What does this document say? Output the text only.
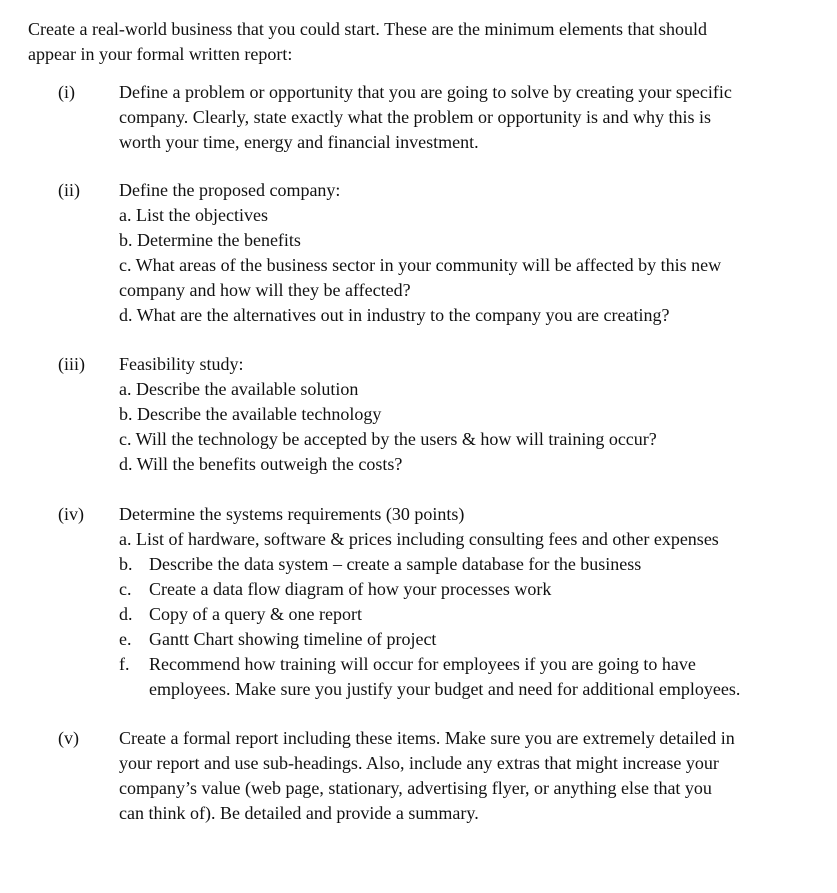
Create a real-world business that you could start. These are the minimum elements that should
appear in your formal written report:
(i) Define a problem or opportunity that you are going to solve by creating your specific
company. Clearly, state exactly what the problem or opportunity is and why this is
worth your time, energy and financial investment.
(ii) Define the proposed company:
a. List the objectives
b. Determine the benefits
c. What areas of the business sector in your community will be affected by this new
company and how will they be affected?
d. What are the alternatives out in industry to the company you are creating?
(iii) Feasibility study:
a. Describe the available solution
b. Describe the available technology
c. Will the technology be accepted by the users & how will training occur?
d. Will the benefits outweigh the costs?
(iv) Determine the systems requirements (30 points)
a. List of hardware, software & prices including consulting fees and other expenses
b. Describe the data system – create a sample database for the business
c. Create a data flow diagram of how your processes work
d. Copy of a query & one report
e. Gantt Chart showing timeline of project
f. Recommend how training will occur for employees if you are going to have
employees. Make sure you justify your budget and need for additional employees.
(v) Create a formal report including these items. Make sure you are extremely detailed in
your report and use sub-headings. Also, include any extras that might increase your
company’s value (web page, stationary, advertising flyer, or anything else that you
can think of). Be detailed and provide a summary.
